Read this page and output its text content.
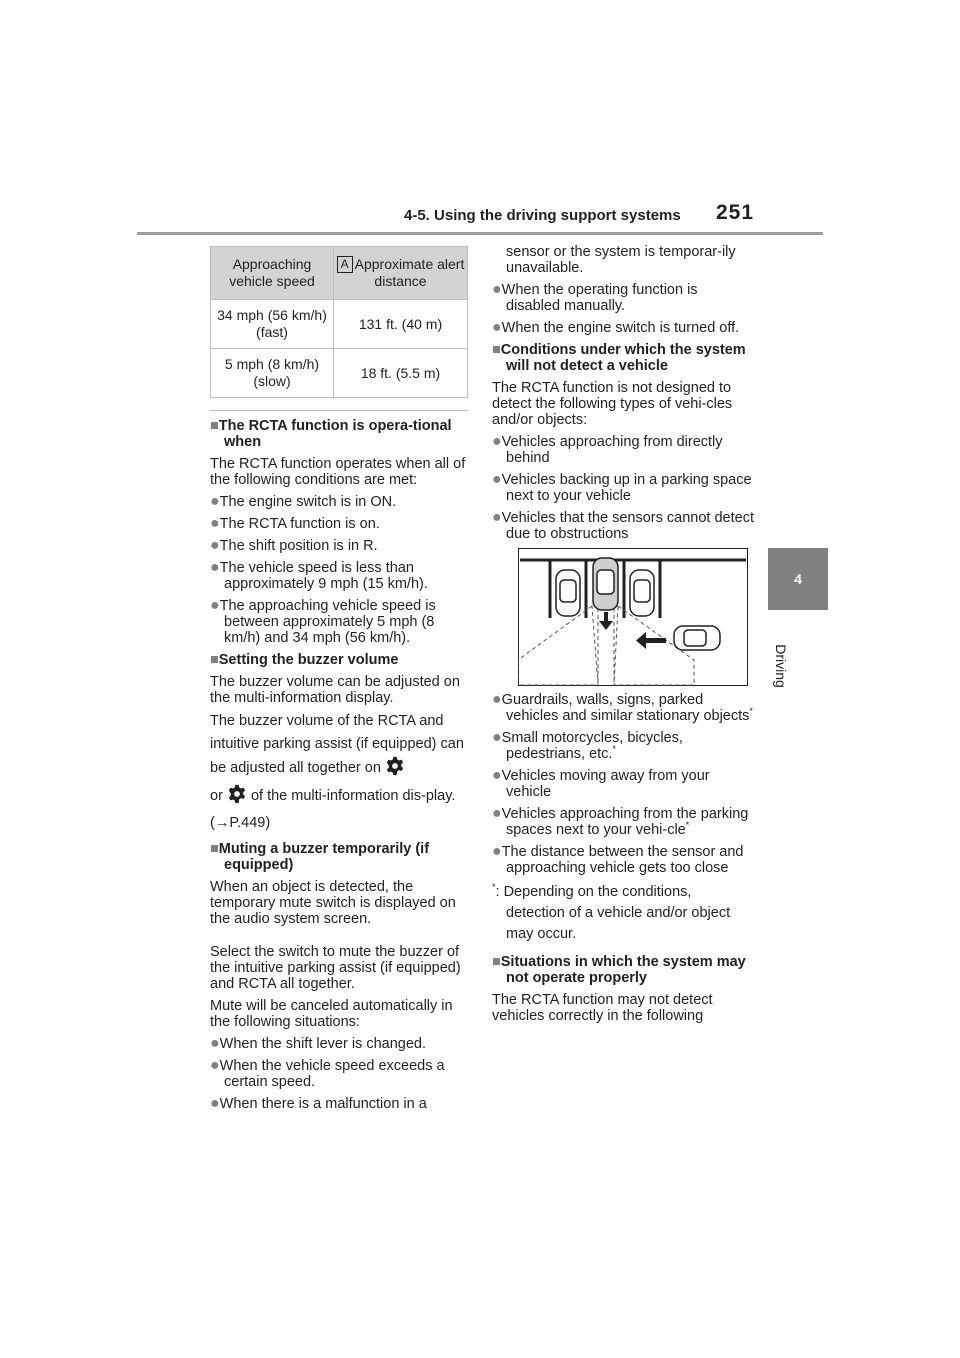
4-5. Using the driving support systems 251
4
Driving
Approaching vehicle speed	A Approximate alert distance
34 mph (56 km/h) (fast)	131 ft. (40 m)
5 mph (8 km/h) (slow)	18 ft. (5.5 m)

■The RCTA function is opera-tional when

The RCTA function operates when all of the following conditions are met:

●The engine switch is in ON.

●The RCTA function is on.

●The shift position is in R.

●The vehicle speed is less than approximately 9 mph (15 km/h).

●The approaching vehicle speed is between approximately 5 mph (8 km/h) and 34 mph (56 km/h).

■Setting the buzzer volume

The buzzer volume can be adjusted on the multi-information display.

The buzzer volume of the RCTA and intuitive parking assist (if equipped) can be adjusted all together on
or of the multi-information dis-play. (→P.449)

■Muting a buzzer temporarily (if equipped)

When an object is detected, the temporary mute switch is displayed on the audio system screen.

Select the switch to mute the buzzer of the intuitive parking assist (if equipped) and RCTA all together.

Mute will be canceled automatically in the following situations:

●When the shift lever is changed.

●When the vehicle speed exceeds a certain speed.

●When there is a malfunction in a

sensor or the system is temporar-ily unavailable.

●When the operating function is disabled manually.

●When the engine switch is turned off.

■Conditions under which the system will not detect a vehicle

The RCTA function is not designed to detect the following types of vehi-cles and/or objects:

●Vehicles approaching from directly behind

●Vehicles backing up in a parking space next to your vehicle

●Vehicles that the sensors cannot detect due to obstructions

●Guardrails, walls, signs, parked vehicles and similar stationary objects*

●Small motorcycles, bicycles, pedestrians, etc.*

●Vehicles moving away from your vehicle

●Vehicles approaching from the parking spaces next to your vehi-cle*

●The distance between the sensor and approaching vehicle gets too close

*: Depending on the conditions, detection of a vehicle and/or object may occur.

■Situations in which the system may not operate properly

The RCTA function may not detect vehicles correctly in the following
